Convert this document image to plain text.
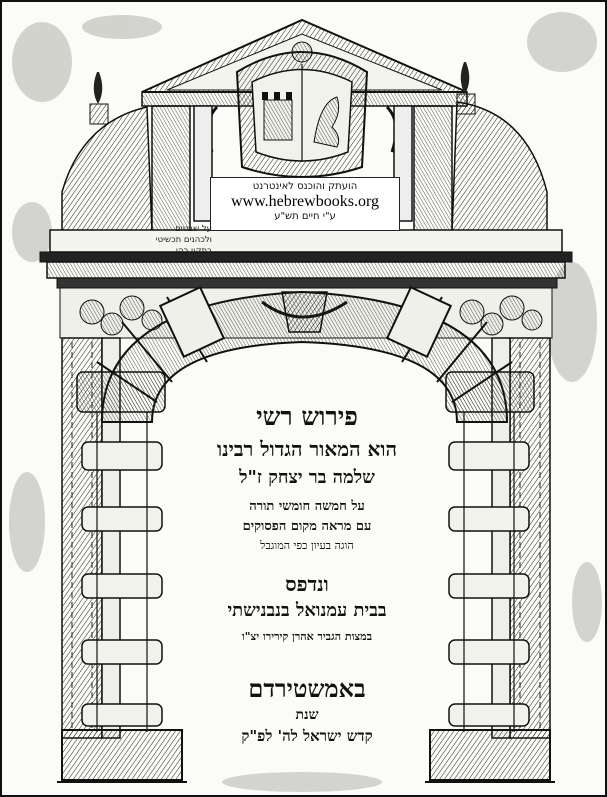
הועתק והוכנס לאינטרנט
www.hebrewbooks.org
ע"י חיים תש"ע
על שבטים
ולכהנים תכשיטי
בתקון כהן
פירוש רשי
הוא המאור הגדול רבינו
שלמה בר יצחק ז"ל
על חמשה חומשי תורה
עם מראה מקום הפסוקים
הוגה בעיון כפי המוגבל
ונדפס
בבית עמנואל בנבנישתי
במצות הגביר אהרן קירירו יצ"ו
באמשטירדם
שנת
קדש ישראל לה' לפ"ק
